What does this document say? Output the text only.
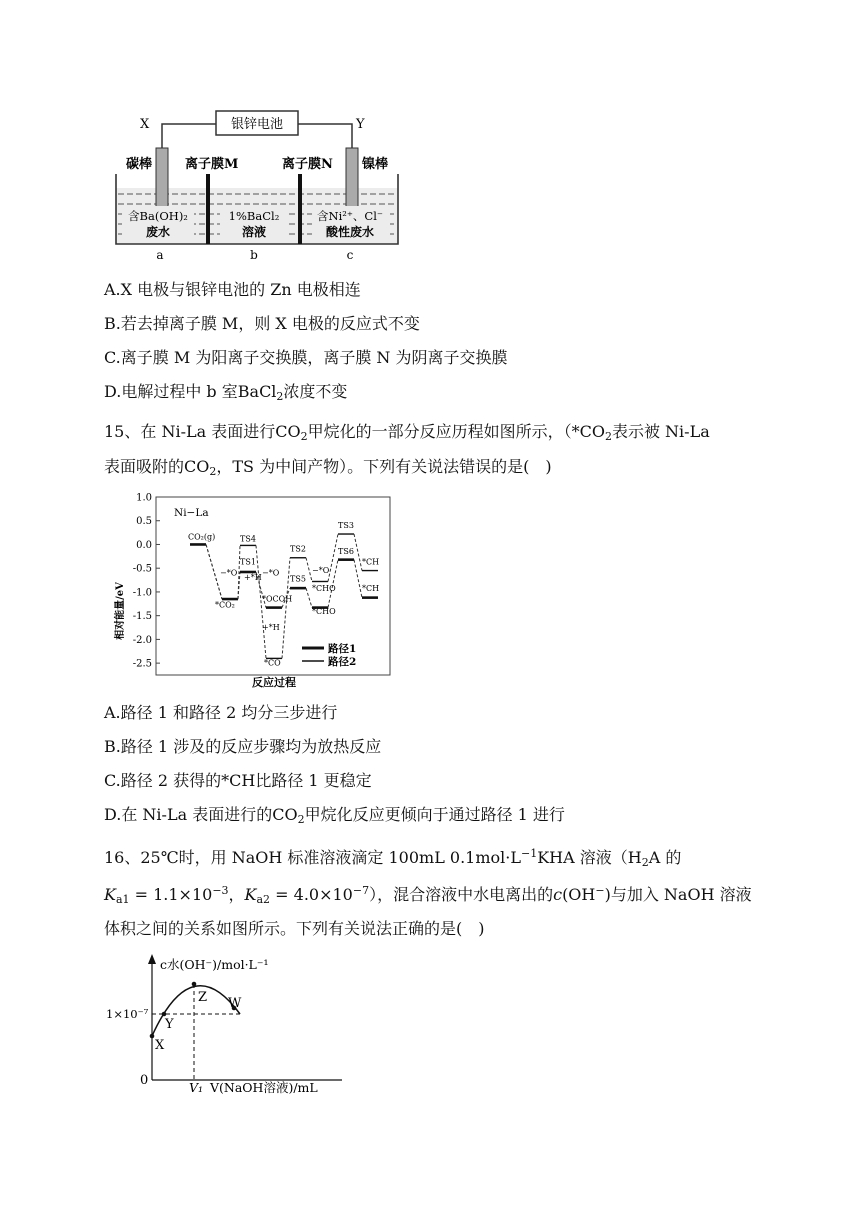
银锌电池
X	Y
碳棒	镍棒
离子膜M	离子膜N
含Ba(OH)₂
废水
1%BaCl₂
溶液
含Ni²⁺、Cl⁻
酸性废水
a	b	c
A.X 电极与银锌电池的 Zn 电极相连
B.若去掉离子膜 M，则 X 电极的反应式不变
C.离子膜 M 为阳离子交换膜，离子膜 N 为阴离子交换膜
D.电解过程中 b 室BaCl$_2$浓度不变
15、在 Ni-La 表面进行$CO_2$甲烷化的一部分反应历程如图所示，（$*CO_2$表示被 Ni-La
表面吸附的$CO_2$，TS 为中间产物）。下列有关说法错误的是(　)
1.0
0.5
0.0
-0.5
-1.0
-1.5
-2.0
-2.5
Ni−La
相对能量/eV
反应过程
CO₂(g)	TS4
TS1
−*O
+*H
*CO₂
−*O
*OCOH
+*H
*CO
TS2
TS5
−*O
*CHO
*CHO
TS3
TS6
*CH
*CH
路径1
路径2
A.路径 1 和路径 2 均分三步进行
B.路径 1 涉及的反应步骤均为放热反应
C.路径 2 获得的*CH比路径 1 更稳定
D.在 Ni-La 表面进行的$CO_2$甲烷化反应更倾向于通过路径 1 进行
16、25℃时，用 NaOH 标准溶液滴定 100mL $0.1mol\cdot L^{-1}KHA$ 溶液（$H_2A$ 的
$K_{a1} = 1.1\times 10^{-3}$，$K_{a2} = 4.0\times 10^{-7}$），混合溶液中水电离出的c(OH−)与加入 NaOH 溶液
体积之间的关系如图所示。下列有关说法正确的是(　)
c水(OH⁻)/mol·L⁻¹
V(NaOH溶液)/mL
0
1×10⁻⁷
V₁
X
Y
Z W
